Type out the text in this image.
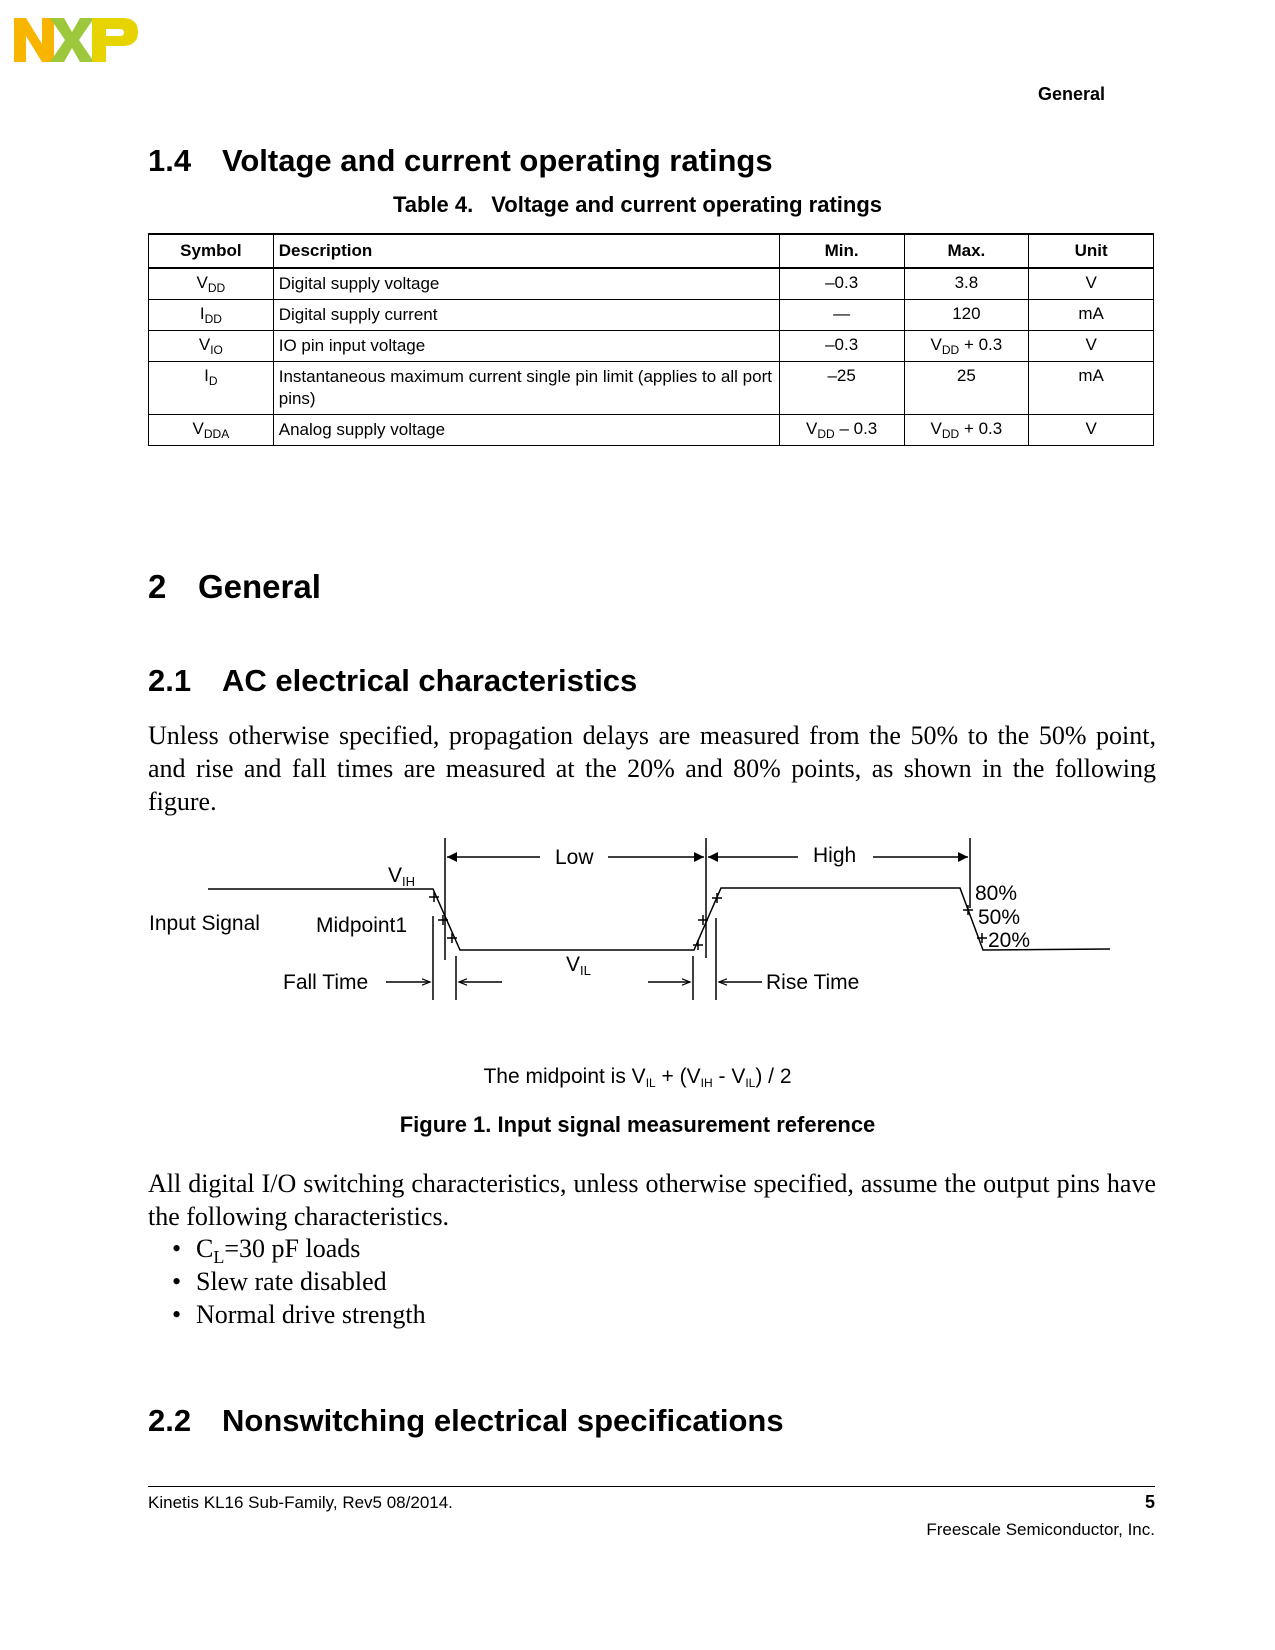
General
1.4 Voltage and current operating ratings
Table 4. Voltage and current operating ratings
Symbol	Description	Min.	Max.	Unit
$V_{DD}$	Digital supply voltage	–0.3	3.8	V
$I_{DD}$	Digital supply current	—	120	mA
$V_{IO}$	IO pin input voltage	–0.3	$V_{DD} + 0.3$	V
$I_D$	Instantaneous maximum current single pin limit (applies to all port pins)	–25	25	mA
$V_{DDA}$	Analog supply voltage	$V_{DD} - 0.3$	$V_{DD} + 0.3$	V
2 General
2.1 AC electrical characteristics
Unless otherwise specified, propagation delays are measured from the 50% to the 50% point, and rise and fall times are measured at the 20% and 80% points, as shown in the following figure.
Input Signal	Midpoint1
Fall Time	Rise Time
Low	High
VIH
VIL
80%
50%
20%
The midpoint is $V_{IL} + (V_{IH} - V_{IL}) / 2$
Figure 1. Input signal measurement reference
All digital I/O switching characteristics, unless otherwise specified, assume the output pins have the following characteristics.
• $C_L=30$ pF loads
• Slew rate disabled
• Normal drive strength
2.2 Nonswitching electrical specifications
Kinetis KL16 Sub-Family, Rev5 08/2014.	5
Freescale Semiconductor, Inc.
